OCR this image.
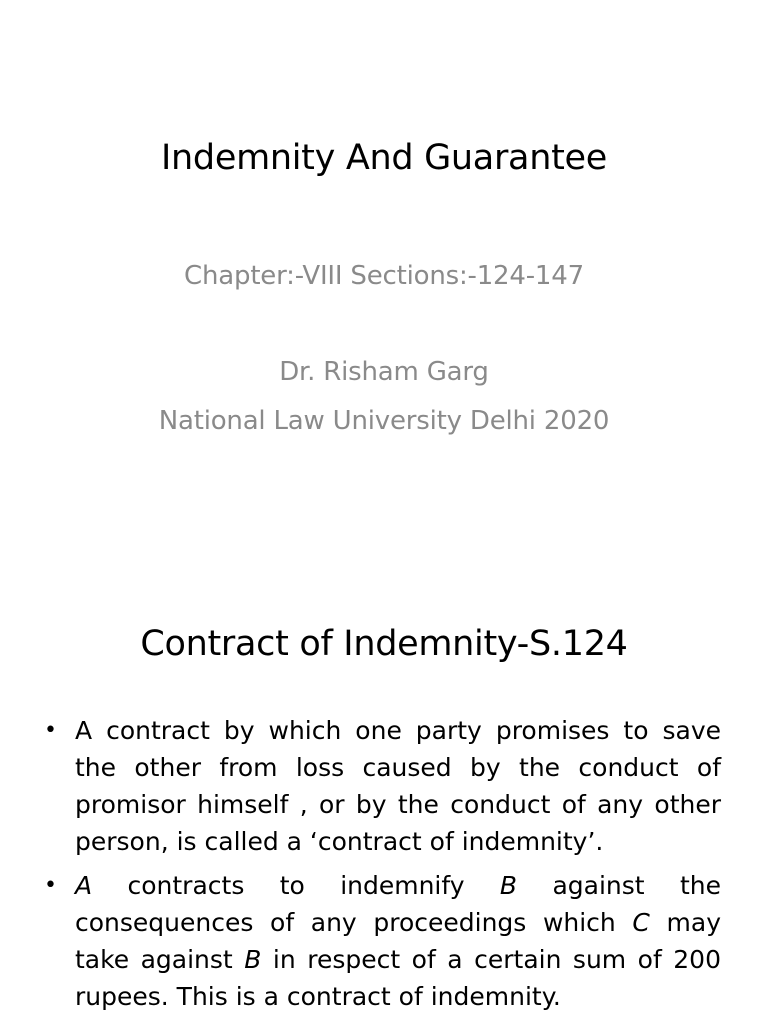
Indemnity And Guarantee
Chapter:-VIII Sections:-124-147
Dr. Risham Garg
National Law University Delhi 2020
Contract of Indemnity-S.124
• A contract by which one party promises to save the other from loss caused by the conduct of promisor himself , or by the conduct of any other person, is called a ‘contract of indemnity’.
• A contracts to indemnify B against the consequences of any proceedings which C may take against B in respect of a certain sum of 200 rupees. This is a contract of indemnity.
